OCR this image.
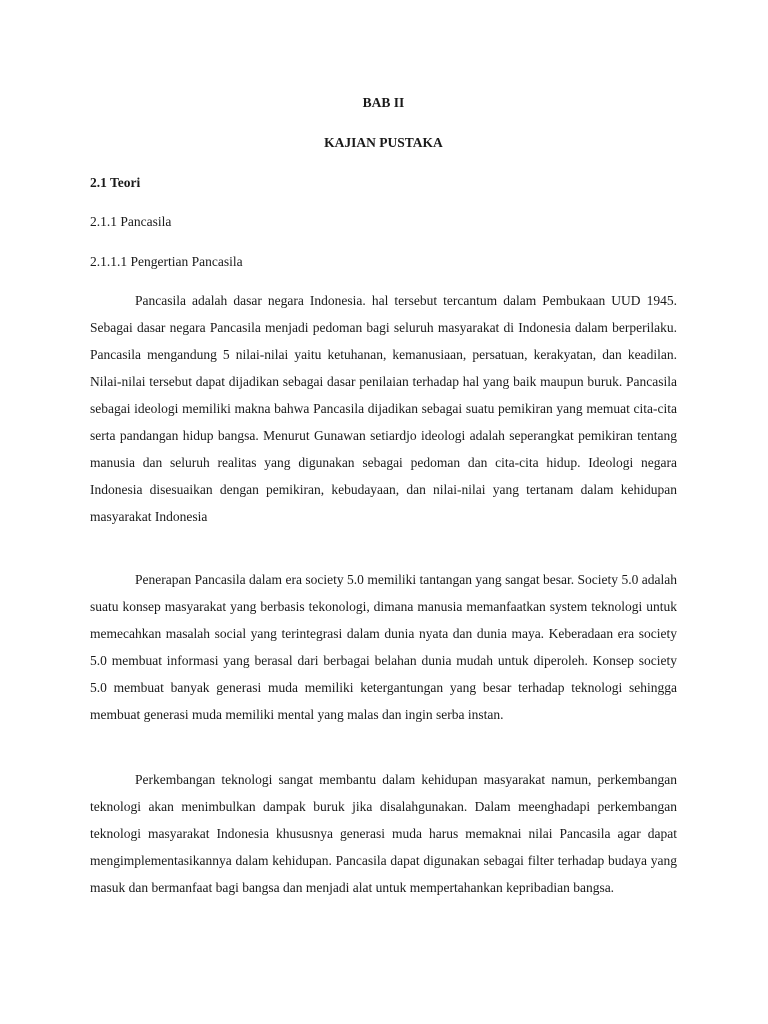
BAB II
KAJIAN PUSTAKA
2.1 Teori
2.1.1 Pancasila
2.1.1.1 Pengertian Pancasila

Pancasila adalah dasar negara Indonesia. hal tersebut tercantum dalam Pembukaan UUD 1945. Sebagai dasar negara Pancasila menjadi pedoman bagi seluruh masyarakat di Indonesia dalam berperilaku. Pancasila mengandung 5 nilai-nilai yaitu ketuhanan, kemanusiaan, persatuan, kerakyatan, dan keadilan. Nilai-nilai tersebut dapat dijadikan sebagai dasar penilaian terhadap hal yang baik maupun buruk. Pancasila sebagai ideologi memiliki makna bahwa Pancasila dijadikan sebagai suatu pemikiran yang memuat cita-cita serta pandangan hidup bangsa. Menurut Gunawan setiardjo ideologi adalah seperangkat pemikiran tentang manusia dan seluruh realitas yang digunakan sebagai pedoman dan cita-cita hidup. Ideologi negara Indonesia disesuaikan dengan pemikiran, kebudayaan, dan nilai-nilai yang tertanam dalam kehidupan masyarakat Indonesia

Penerapan Pancasila dalam era society 5.0 memiliki tantangan yang sangat besar. Society 5.0 adalah suatu konsep masyarakat yang berbasis tekonologi, dimana manusia memanfaatkan system teknologi untuk memecahkan masalah social yang terintegrasi dalam dunia nyata dan dunia maya. Keberadaan era society 5.0 membuat informasi yang berasal dari berbagai belahan dunia mudah untuk diperoleh. Konsep society 5.0 membuat banyak generasi muda memiliki ketergantungan yang besar terhadap teknologi sehingga membuat generasi muda memiliki mental yang malas dan ingin serba instan.

Perkembangan teknologi sangat membantu dalam kehidupan masyarakat namun, perkembangan teknologi akan menimbulkan dampak buruk jika disalahgunakan. Dalam meenghadapi perkembangan teknologi masyarakat Indonesia khususnya generasi muda harus memaknai nilai Pancasila agar dapat mengimplementasikannya dalam kehidupan. Pancasila dapat digunakan sebagai filter terhadap budaya yang masuk dan bermanfaat bagi bangsa dan menjadi alat untuk mempertahankan kepribadian bangsa.
